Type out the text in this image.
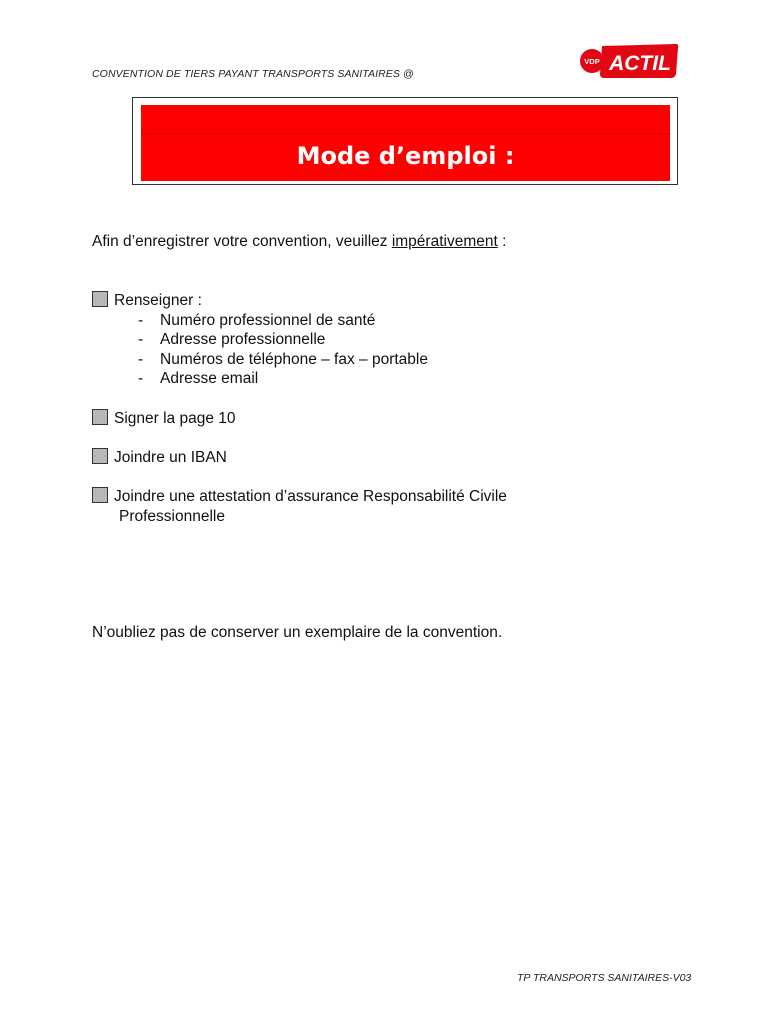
CONVENTION DE TIERS PAYANT TRANSPORTS SANITAIRES @
VDP ACTIL
Mode d’emploi :
Afin d’enregistrer votre convention, veuillez impérativement :
Renseigner :
- Numéro professionnel de santé
- Adresse professionnelle
- Numéros de téléphone – fax – portable
- Adresse email
Signer la page 10
Joindre un IBAN
Joindre une attestation d’assurance Responsabilité Civile
Professionnelle
N’oubliez pas de conserver un exemplaire de la convention.
TP TRANSPORTS SANITAIRES-V03
